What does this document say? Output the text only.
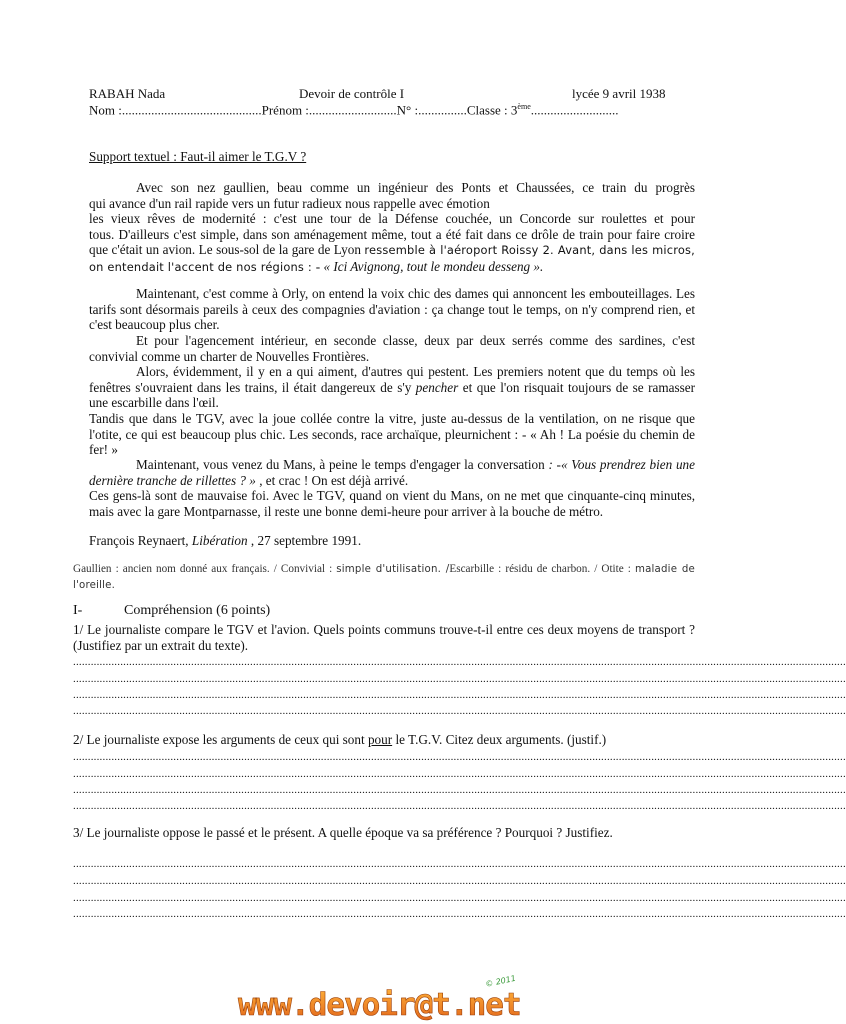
RABAH Nada	Devoir de contrôle I	lycée 9 avril 1938
Nom :...........................................Prénom :...........................N° :...............Classe : 3ème...........................
Support textuel : Faut-il aimer le T.G.V ?
Avec son nez gaullien, beau comme un ingénieur des Ponts et Chaussées, ce train du progrès
qui avance d'un rail rapide vers un futur radieux nous rappelle avec émotion
les vieux rêves de modernité : c'est une tour de la Défense couchée, un Concorde sur roulettes et pour
tous. D'ailleurs c'est simple, dans son aménagement même, tout a été fait dans ce drôle de train pour faire croire que c'était un avion. Le sous-sol de la gare de Lyon ressemble à l'aéroport Roissy 2. Avant, dans les micros, on entendait l'accent de nos régions : - « Ici Avignong, tout le mondeu desseng ».
Maintenant, c'est comme à Orly, on entend la voix chic des dames qui annoncent les embouteillages. Les tarifs sont désormais pareils à ceux des compagnies d'aviation : ça change tout le temps, on n'y comprend rien, et c'est beaucoup plus cher.
Et pour l'agencement intérieur, en seconde classe, deux par deux serrés comme des sardines, c'est convivial comme un charter de Nouvelles Frontières.
Alors, évidemment, il y en a qui aiment, d'autres qui pestent. Les premiers notent que du temps où les fenêtres s'ouvraient dans les trains, il était dangereux de s'y pencher et que l'on risquait toujours de se ramasser une escarbille dans l'œil.
Tandis que dans le TGV, avec la joue collée contre la vitre, juste au-dessus de la ventilation, on ne risque que l'otite, ce qui est beaucoup plus chic. Les seconds, race archaïque, pleurnichent : - « Ah ! La poésie du chemin de fer! »
Maintenant, vous venez du Mans, à peine le temps d'engager la conversation : -« Vous prendrez bien une dernière tranche de rillettes ? » , et crac ! On est déjà arrivé.
Ces gens-là sont de mauvaise foi. Avec le TGV, quand on vient du Mans, on ne met que cinquante-cinq minutes, mais avec la gare Montparnasse, il reste une bonne demi-heure pour arriver à la bouche de métro.
François Reynaert, Libération , 27 septembre 1991.
Gaullien : ancien nom donné aux français. / Convivial : simple d'utilisation. /Escarbille : résidu de charbon. / Otite : maladie de l'oreille.
I-	Compréhension (6 points)
1/ Le journaliste compare le TGV et l'avion. Quels points communs trouve-t-il entre ces deux moyens de transport ? (Justifiez par un extrait du texte).
......................................................................................................................................................................................................................................................................
......................................................................................................................................................................................................................................................................
......................................................................................................................................................................................................................................................................
......................................................................................................................................................................................................................................................................
2/ Le journaliste expose les arguments de ceux qui sont pour le T.G.V. Citez deux arguments. (justif.)
......................................................................................................................................................................................................................................................................
......................................................................................................................................................................................................................................................................
......................................................................................................................................................................................................................................................................
......................................................................................................................................................................................................................................................................
3/ Le journaliste oppose le passé et le présent. A quelle époque va sa préférence ? Pourquoi ? Justifiez.
......................................................................................................................................................................................................................................................................
......................................................................................................................................................................................................................................................................
......................................................................................................................................................................................................................................................................
......................................................................................................................................................................................................................................................................
www.devoir@t.net
© 2011
